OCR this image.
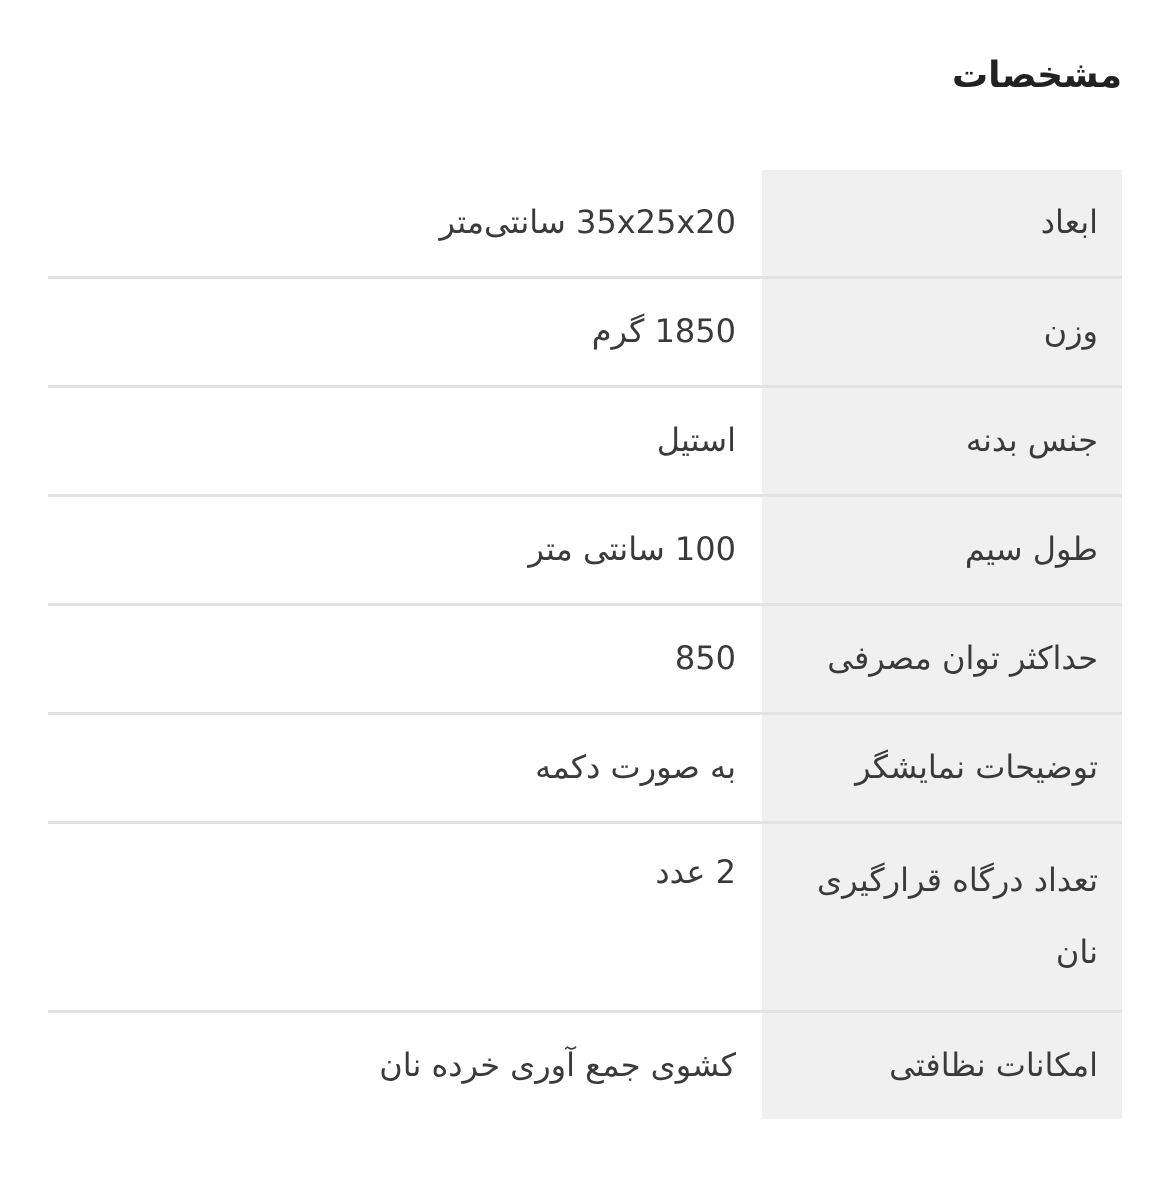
مشخصات
ابعاد
35x25x20 سانتی‌متر
وزن
1850 گرم
جنس بدنه
استیل
طول سیم
100 سانتی متر
حداکثر توان مصرفی
850
توضیحات نمایشگر
به صورت دکمه
تعداد درگاه قرارگیری نان
2 عدد
امکانات نظافتی
کشوی جمع آوری خرده نان
